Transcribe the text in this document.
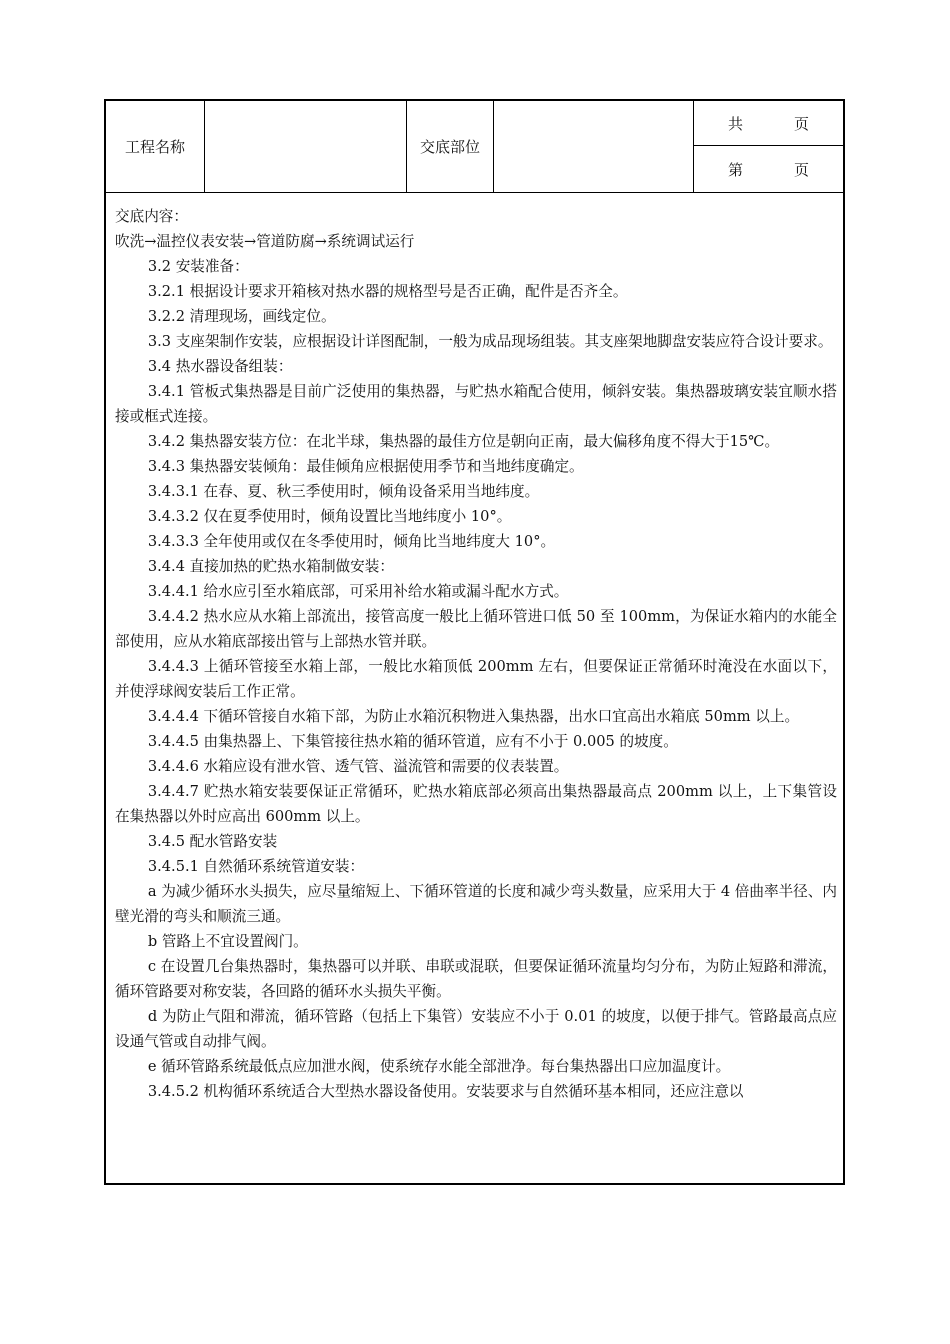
工程名称	交底部位
共	页
第	页

交底内容：

吹洗→温控仪表安装→管道防腐→系统调试运行

3.2 安装准备：

3.2.1 根据设计要求开箱核对热水器的规格型号是否正确，配件是否齐全。

3.2.2 清理现场，画线定位。

3.3 支座架制作安装，应根据设计详图配制，一般为成品现场组装。其支座架地脚盘安装应符合设计要求。

3.4 热水器设备组装：

3.4.1 管板式集热器是目前广泛使用的集热器，与贮热水箱配合使用，倾斜安装。集热器玻璃安装宜顺水搭接或框式连接。

3.4.2 集热器安装方位：在北半球，集热器的最佳方位是朝向正南，最大偏移角度不得大于15℃。

3.4.3 集热器安装倾角：最佳倾角应根据使用季节和当地纬度确定。

3.4.3.1 在春、夏、秋三季使用时，倾角设备采用当地纬度。

3.4.3.2 仅在夏季使用时，倾角设置比当地纬度小 10°。

3.4.3.3 全年使用或仅在冬季使用时，倾角比当地纬度大 10°。

3.4.4 直接加热的贮热水箱制做安装：

3.4.4.1 给水应引至水箱底部，可采用补给水箱或漏斗配水方式。

3.4.4.2 热水应从水箱上部流出，接管高度一般比上循环管进口低 50 至 100mm，为保证水箱内的水能全部使用，应从水箱底部接出管与上部热水管并联。

3.4.4.3 上循环管接至水箱上部，一般比水箱顶低 200mm 左右，但要保证正常循环时淹没在水面以下，并使浮球阀安装后工作正常。

3.4.4.4 下循环管接自水箱下部，为防止水箱沉积物进入集热器，出水口宜高出水箱底 50mm 以上。

3.4.4.5 由集热器上、下集管接往热水箱的循环管道，应有不小于 0.005 的坡度。

3.4.4.6 水箱应设有泄水管、透气管、溢流管和需要的仪表装置。

3.4.4.7 贮热水箱安装要保证正常循环，贮热水箱底部必须高出集热器最高点 200mm 以上，上下集管设在集热器以外时应高出 600mm 以上。

3.4.5 配水管路安装

3.4.5.1 自然循环系统管道安装：

a 为减少循环水头损失，应尽量缩短上、下循环管道的长度和减少弯头数量，应采用大于 4 倍曲率半径、内壁光滑的弯头和顺流三通。

b 管路上不宜设置阀门。

c 在设置几台集热器时，集热器可以并联、串联或混联，但要保证循环流量均匀分布，为防止短路和滞流，循环管路要对称安装，各回路的循环水头损失平衡。

d 为防止气阻和滞流，循环管路（包括上下集管）安装应不小于 0.01 的坡度，以便于排气。管路最高点应设通气管或自动排气阀。

e 循环管路系统最低点应加泄水阀，使系统存水能全部泄净。每台集热器出口应加温度计。

3.4.5.2 机构循环系统适合大型热水器设备使用。安装要求与自然循环基本相同，还应注意以
